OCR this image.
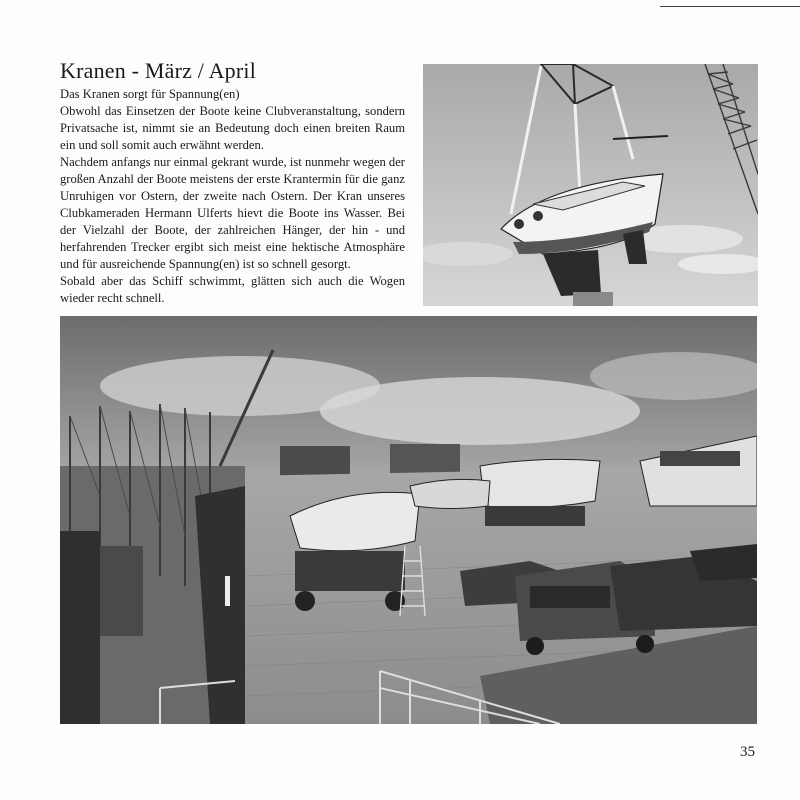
Kranen - März / April

Das Kranen sorgt für Spannung(en)

Obwohl das Einsetzen der Boote keine Clubveranstaltung, sondern Privatsache ist, nimmt sie an Bedeutung doch einen breiten Raum ein und soll somit auch erwähnt werden.

Nachdem anfangs nur einmal gekrant wurde, ist nunmehr wegen der großen Anzahl der Boote meistens der erste Krantermin für die ganz Unruhigen vor Ostern, der zweite nach Ostern. Der Kran unseres Clubkameraden Hermann Ulferts hievt die Boote ins Wasser. Bei der Vielzahl der Boote, der zahlreichen Hänger, der hin - und herfahrenden Trecker ergibt sich meist eine hektische Atmosphäre und für ausreichende Spannung(en) ist so schnell gesorgt.

Sobald aber das Schiff schwimmt, glätten sich auch die Wogen wieder recht schnell.

35
